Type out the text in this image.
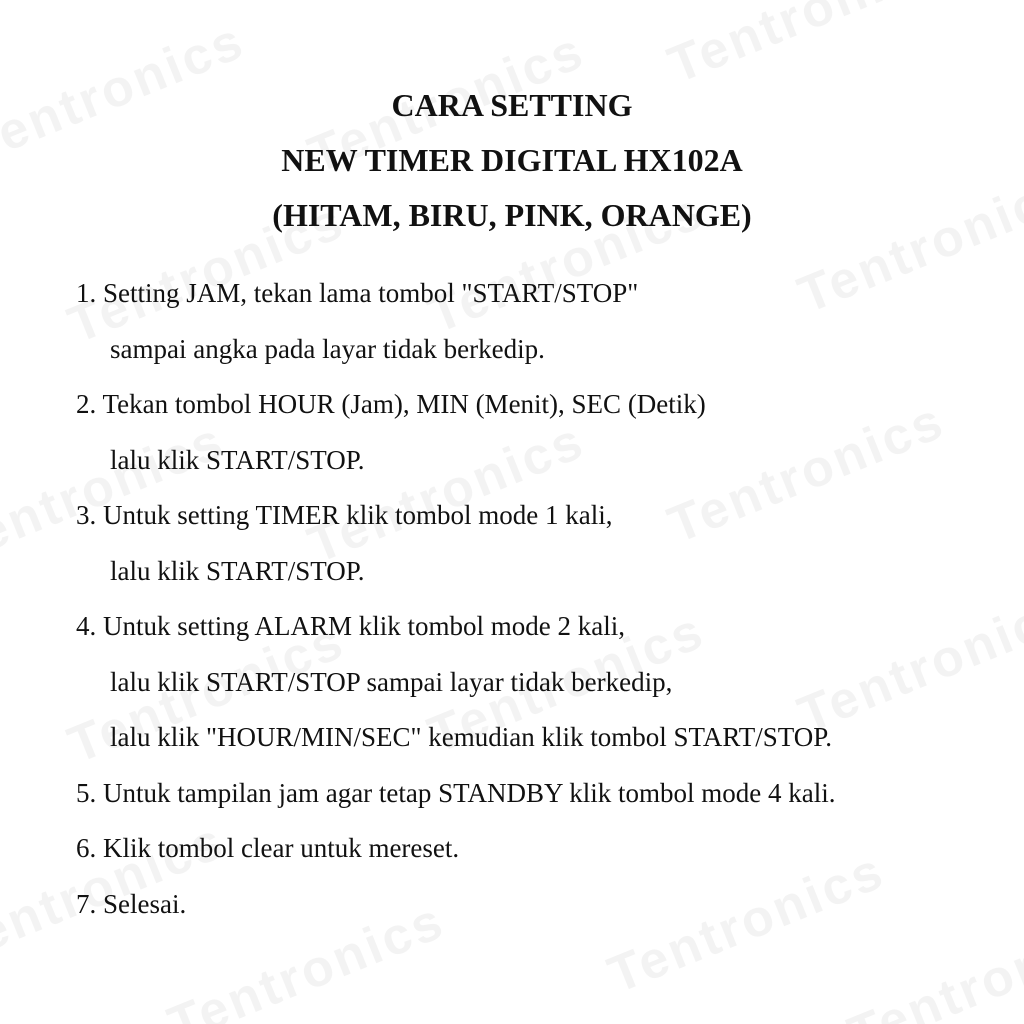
CARA SETTING
NEW TIMER DIGITAL HX102A
(HITAM, BIRU, PINK, ORANGE)
1. Setting JAM, tekan lama tombol "START/STOP"
sampai angka pada layar tidak berkedip.
2. Tekan tombol HOUR (Jam), MIN (Menit), SEC (Detik)
lalu klik START/STOP.
3. Untuk setting TIMER klik tombol mode 1 kali,
lalu klik START/STOP.
4. Untuk setting ALARM klik tombol mode 2 kali,
lalu klik START/STOP sampai layar tidak berkedip,
lalu klik "HOUR/MIN/SEC" kemudian klik tombol START/STOP.
5. Untuk tampilan jam agar tetap STANDBY klik tombol mode 4 kali.
6. Klik tombol clear untuk mereset.
7. Selesai.
